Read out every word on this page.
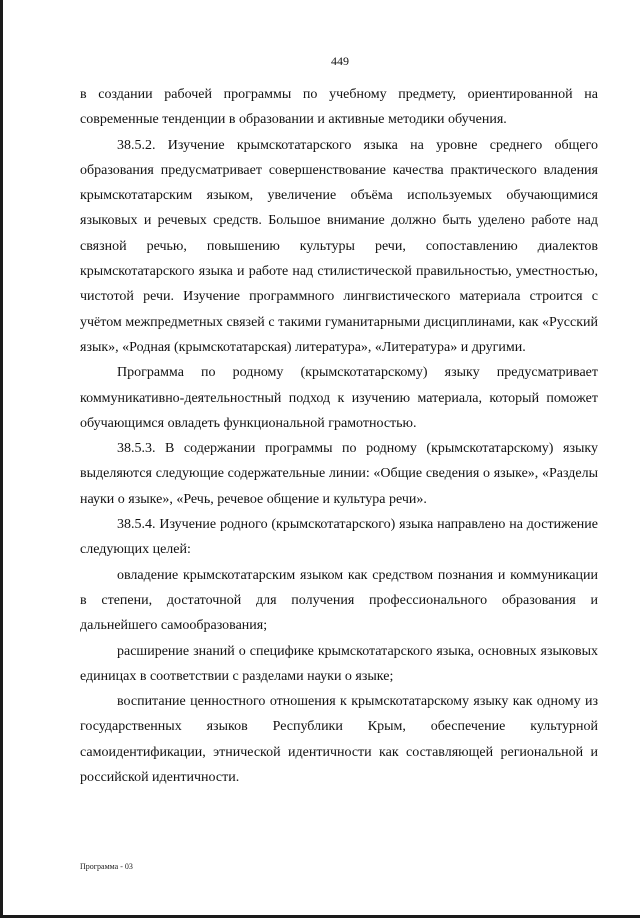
449

в создании рабочей программы по учебному предмету, ориентированной на современные тенденции в образовании и активные методики обучения.

38.5.2. Изучение крымскотатарского языка на уровне среднего общего образования предусматривает совершенствование качества практического владения крымскотатарским языком, увеличение объёма используемых обучающимися языковых и речевых средств. Большое внимание должно быть уделено работе над связной речью, повышению культуры речи, сопоставлению диалектов крымскотатарского языка и работе над стилистической правильностью, уместностью, чистотой речи. Изучение программного лингвистического материала строится с учётом межпредметных связей с такими гуманитарными дисциплинами, как «Русский язык», «Родная (крымскотатарская) литература», «Литература» и другими.

Программа по родному (крымскотатарскому) языку предусматривает коммуникативно-деятельностный подход к изучению материала, который поможет обучающимся овладеть функциональной грамотностью.

38.5.3. В содержании программы по родному (крымскотатарскому) языку выделяются следующие содержательные линии: «Общие сведения о языке», «Разделы науки о языке», «Речь, речевое общение и культура речи».

38.5.4. Изучение родного (крымскотатарского) языка направлено на достижение следующих целей:

овладение крымскотатарским языком как средством познания и коммуникации в степени, достаточной для получения профессионального образования и дальнейшего самообразования;

расширение знаний о специфике крымскотатарского языка, основных языковых единицах в соответствии с разделами науки о языке;

воспитание ценностного отношения к крымскотатарскому языку как одному из государственных языков Республики Крым, обеспечение культурной самоидентификации, этнической идентичности как составляющей региональной и российской идентичности.

Программа - 03
